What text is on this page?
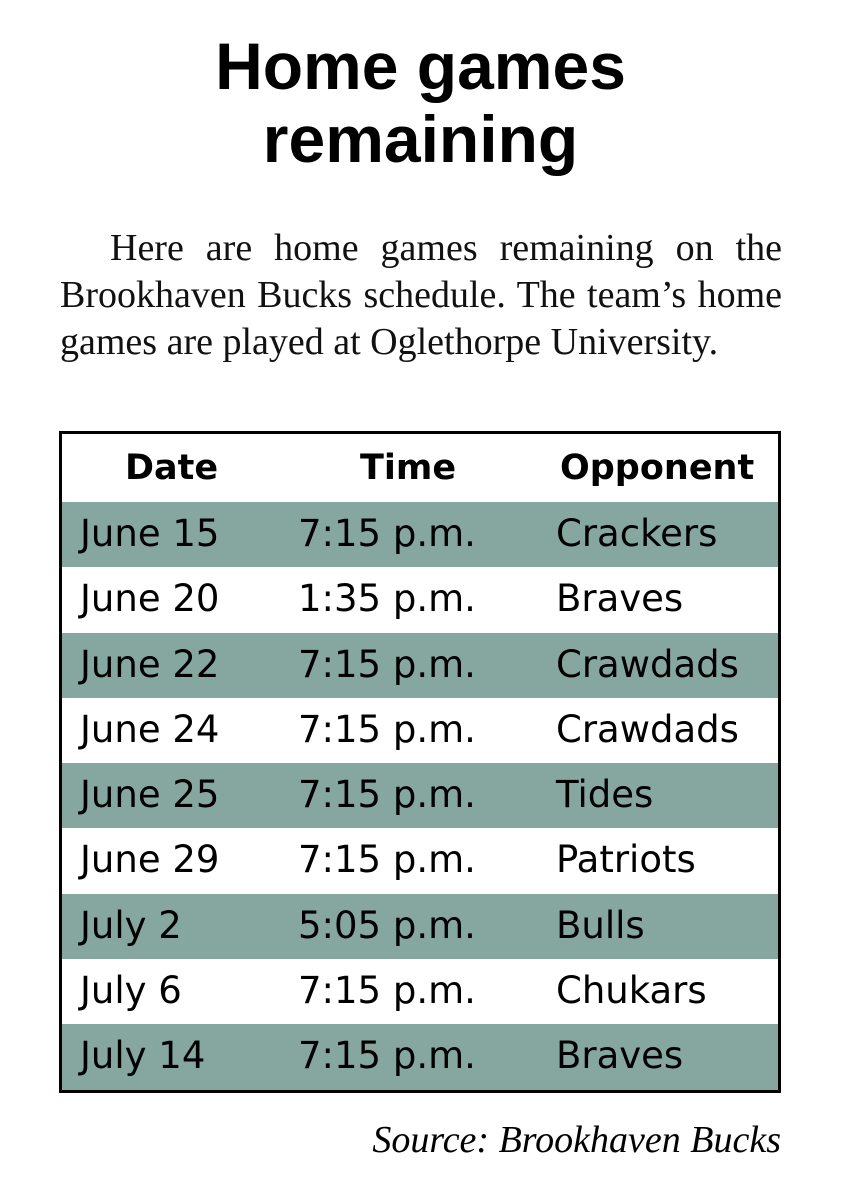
Home games
remaining

Here are home games remaining on the Brookhaven Bucks schedule. The team’s home games are played at Oglethorpe University.

Date	Time	Opponent
June 15 7:15 p.m. Crackers
June 20 1:35 p.m. Braves
June 22 7:15 p.m. Crawdads
June 24 7:15 p.m. Crawdads
June 25 7:15 p.m. Tides
June 29 7:15 p.m. Patriots
July 2	5:05 p.m. Bulls
July 6	7:15 p.m. Chukars
July 14	7:15 p.m. Braves
Source: Brookhaven Bucks
